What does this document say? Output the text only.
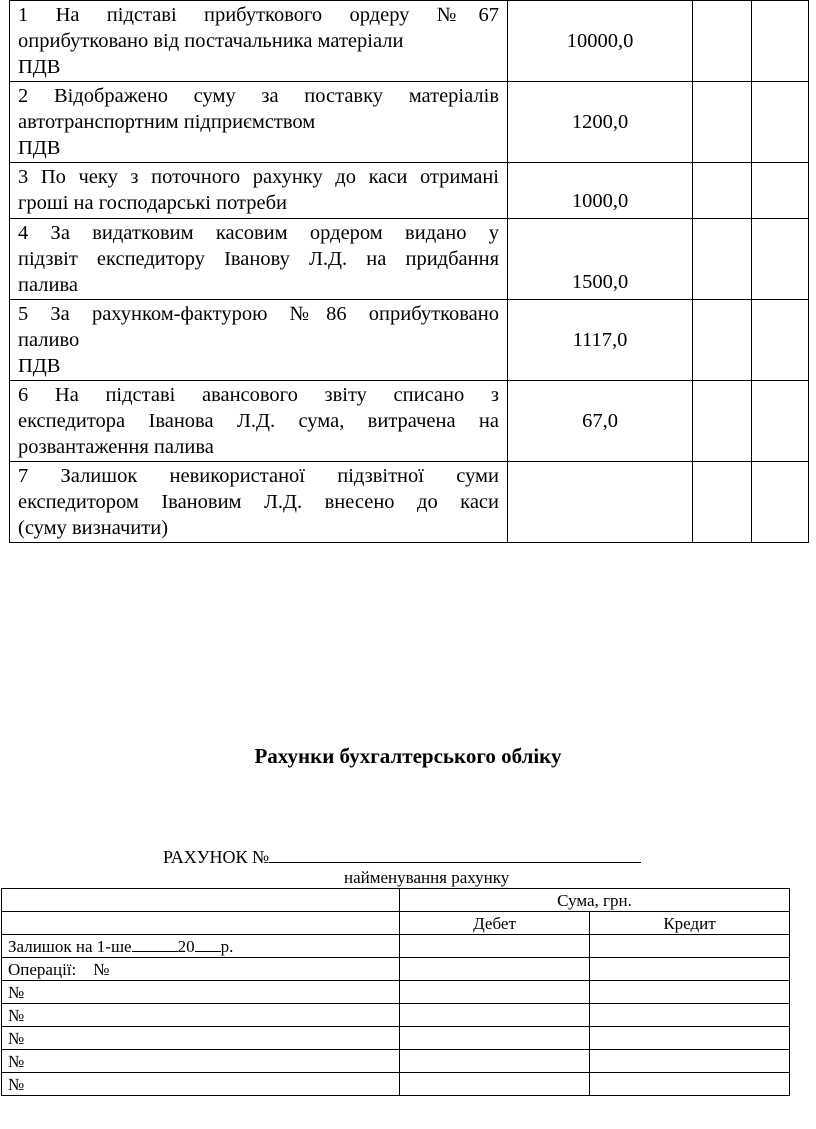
1 На підставі прибуткового ордеру №67
оприбутковано від постачальника матеріали
ПДВ	10000,0		

2 Відображено суму за поставку матеріалів
автотранспортним підприємством
ПДВ	1200,0		

3 По чеку з поточного рахунку до каси отримані
гроші на господарські потреби	1000,0		

4 За видатковим касовим ордером видано у
підзвіт експедитору Іванову Л.Д. на придбання
палива	1500,0		

5 За рахунком-фактурою №86 оприбутковано
паливо
ПДВ	1117,0		

6 На підставі авансового звіту списано з
експедитора Іванова Л.Д. сума, витрачена на
розвантаження палива	67,0		

7 Залишок невикористаної підзвітної суми
експедитором Івановим Л.Д. внесено до каси
(суму визначити)			

Рахунки бухгалтерського обліку
РАХУНОК №
найменування рахунку
	Сума, грн.	
	Дебет	Кредит
Залишок на 1-ше 20 р.		
Операції: №		
№		
№		
№		
№		
№		
